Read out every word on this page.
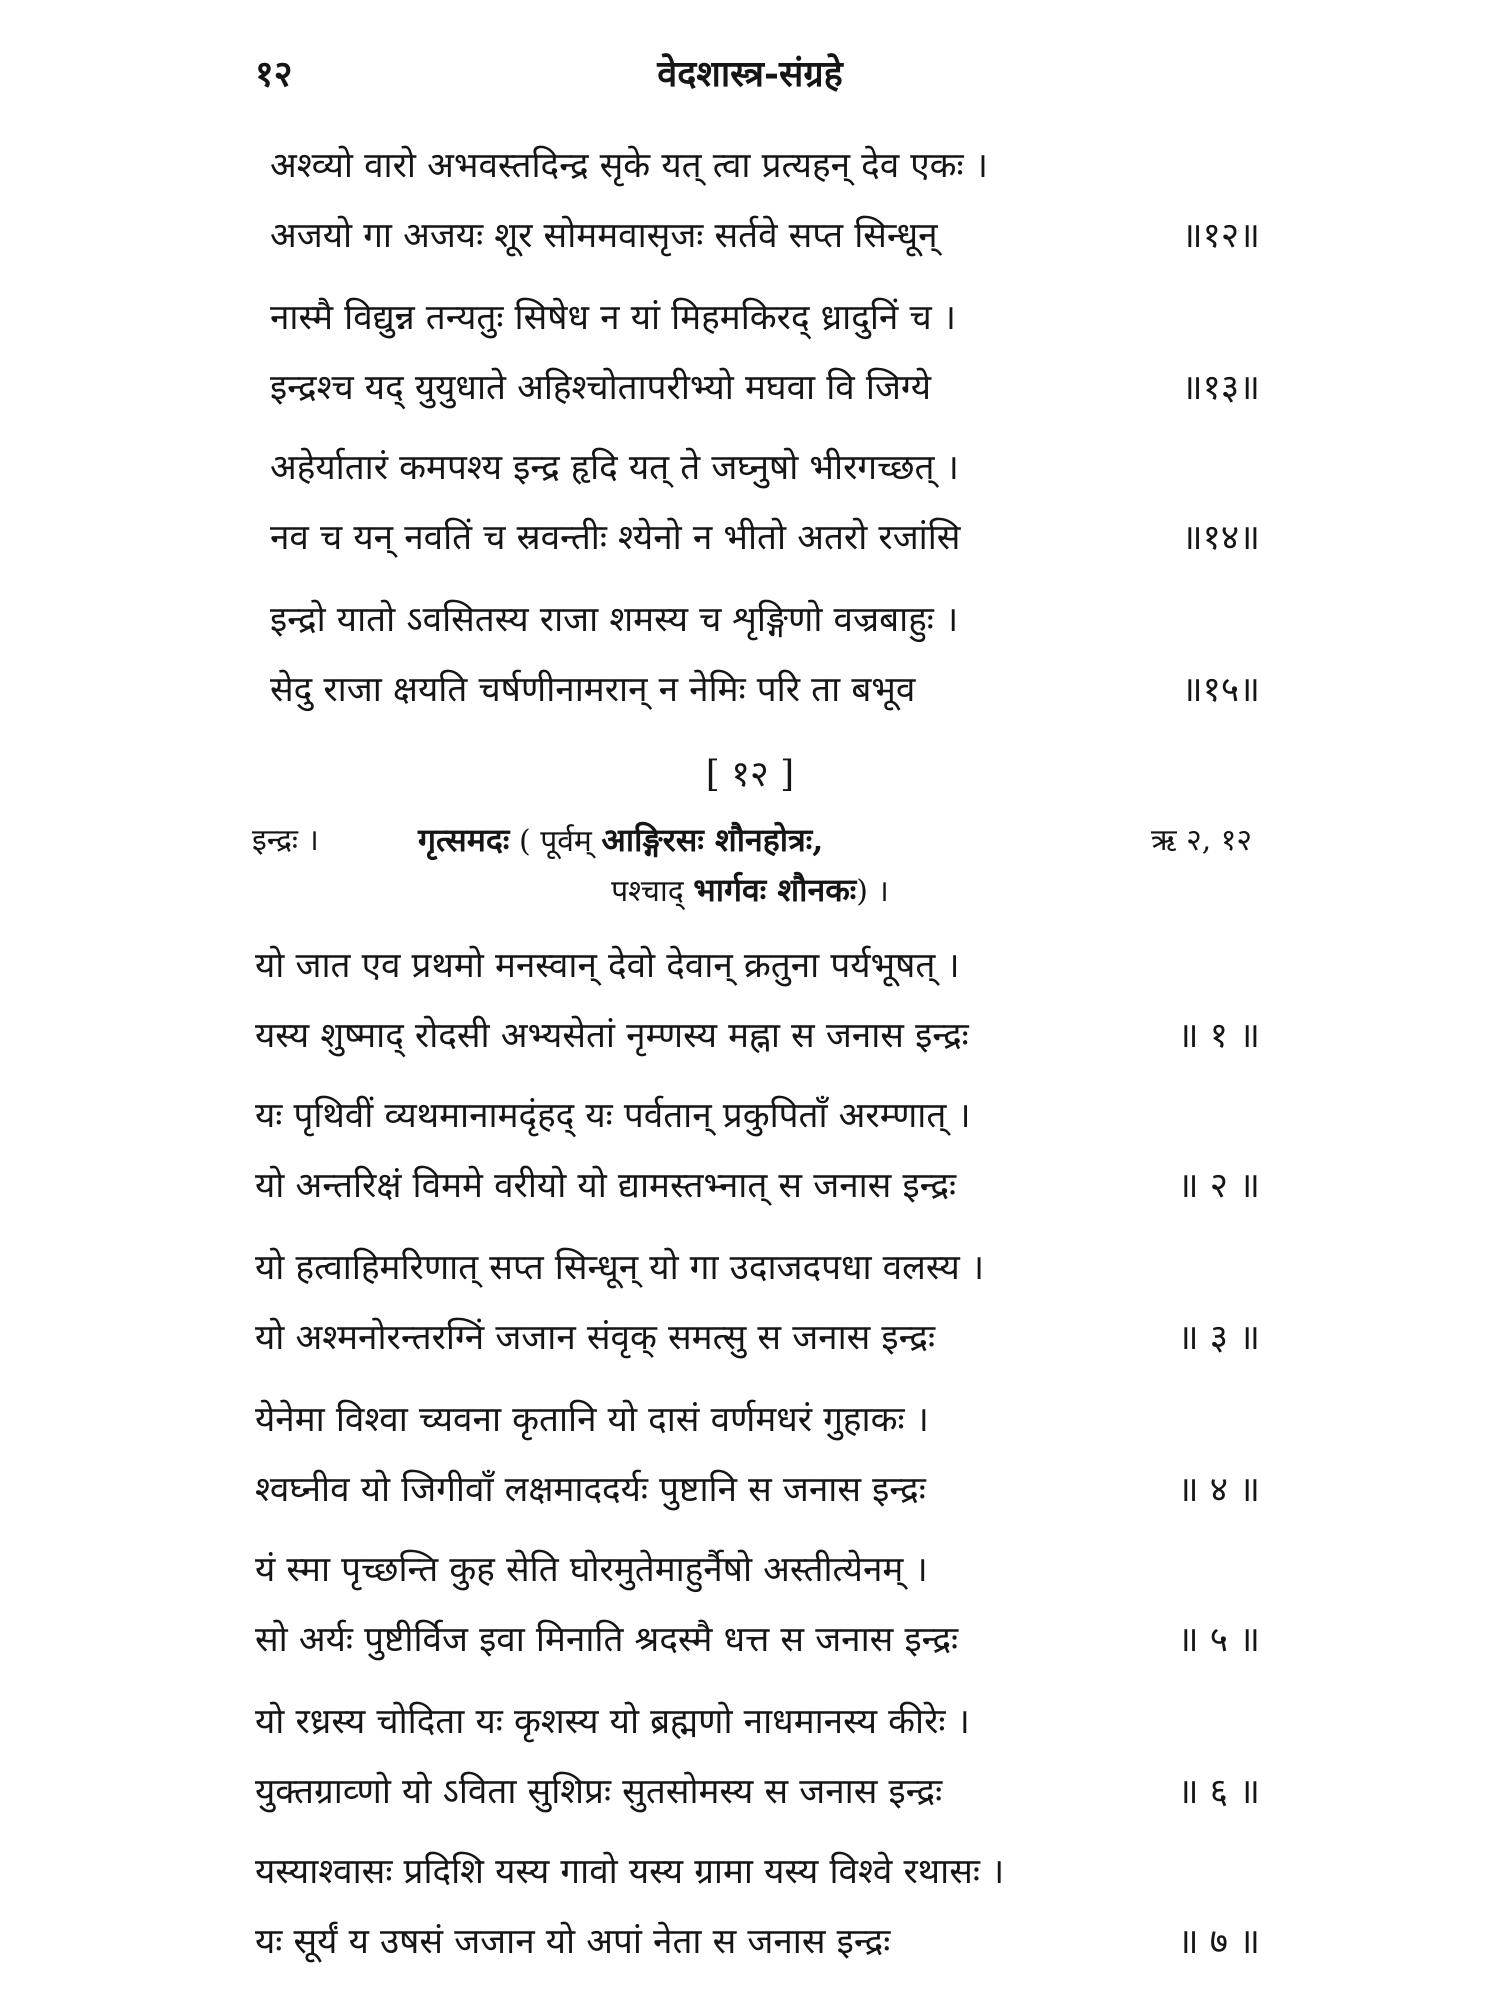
१२	वेदशास्त्र-संग्रहे
अश्व्यो वारो अभवस्तदिन्द्र सृके यत् त्वा प्रत्यहन् देव एकः ।
अजयो गा अजयः शूर सोममवासृजः सर्तवे सप्त सिन्धून्	॥१२॥
नास्मै विद्युन्न तन्यतुः सिषेध न यां मिहमकिरद् ध्रादुनिं च ।
इन्द्रश्च यद् युयुधाते अहिश्चोतापरीभ्यो मघवा वि जिग्ये	॥१३॥
अहेर्यातारं कमपश्य इन्द्र हृदि यत् ते जघ्नुषो भीरगच्छत् ।
नव च यन् नवतिं च स्रवन्तीः श्येनो न भीतो अतरो रजांसि	॥१४॥
इन्द्रो यातो ऽवसितस्य राजा शमस्य च शृङ्गिणो वज्रबाहुः ।
सेदु राजा क्षयति चर्षणीनामरान् न नेमिः परि ता बभूव	॥१५॥
[ १२ ]
इन्द्रः ।	गृत्समदः ( पूर्वम् आङ्गिरसः शौनहोत्रः,	ऋ २, १२
पश्चाद् भार्गवः शौनकः) ।
यो जात एव प्रथमो मनस्वान् देवो देवान् क्रतुना पर्यभूषत् ।
यस्य शुष्माद् रोदसी अभ्यसेतां नृम्णस्य मह्ना स जनास इन्द्रः	॥ १ ॥
यः पृथिवीं व्यथमानामदृंहद् यः पर्वतान् प्रकुपिताँ अरम्णात् ।
यो अन्तरिक्षं विममे वरीयो यो द्यामस्तभ्नात् स जनास इन्द्रः	॥ २ ॥
यो हत्वाहिमरिणात् सप्त सिन्धून् यो गा उदाजदपधा वलस्य ।
यो अश्मनोरन्तरग्निं जजान संवृक् समत्सु स जनास इन्द्रः	॥ ३ ॥
येनेमा विश्वा च्यवना कृतानि यो दासं वर्णमधरं गुहाकः ।
श्वघ्नीव यो जिगीवाँ लक्षमाददर्यः पुष्टानि स जनास इन्द्रः	॥ ४ ॥
यं स्मा पृच्छन्ति कुह सेति घोरमुतेमाहुर्नैषो अस्तीत्येनम् ।
सो अर्यः पुष्टीर्विज इवा मिनाति श्रदस्मै धत्त स जनास इन्द्रः	॥ ५ ॥
यो रध्रस्य चोदिता यः कृशस्य यो ब्रह्मणो नाधमानस्य कीरेः ।
युक्तग्राव्णो यो ऽविता सुशिप्रः सुतसोमस्य स जनास इन्द्रः	॥ ६ ॥
यस्याश्वासः प्रदिशि यस्य गावो यस्य ग्रामा यस्य विश्वे रथासः ।
यः सूर्यं य उषसं जजान यो अपां नेता स जनास इन्द्रः	॥ ७ ॥
